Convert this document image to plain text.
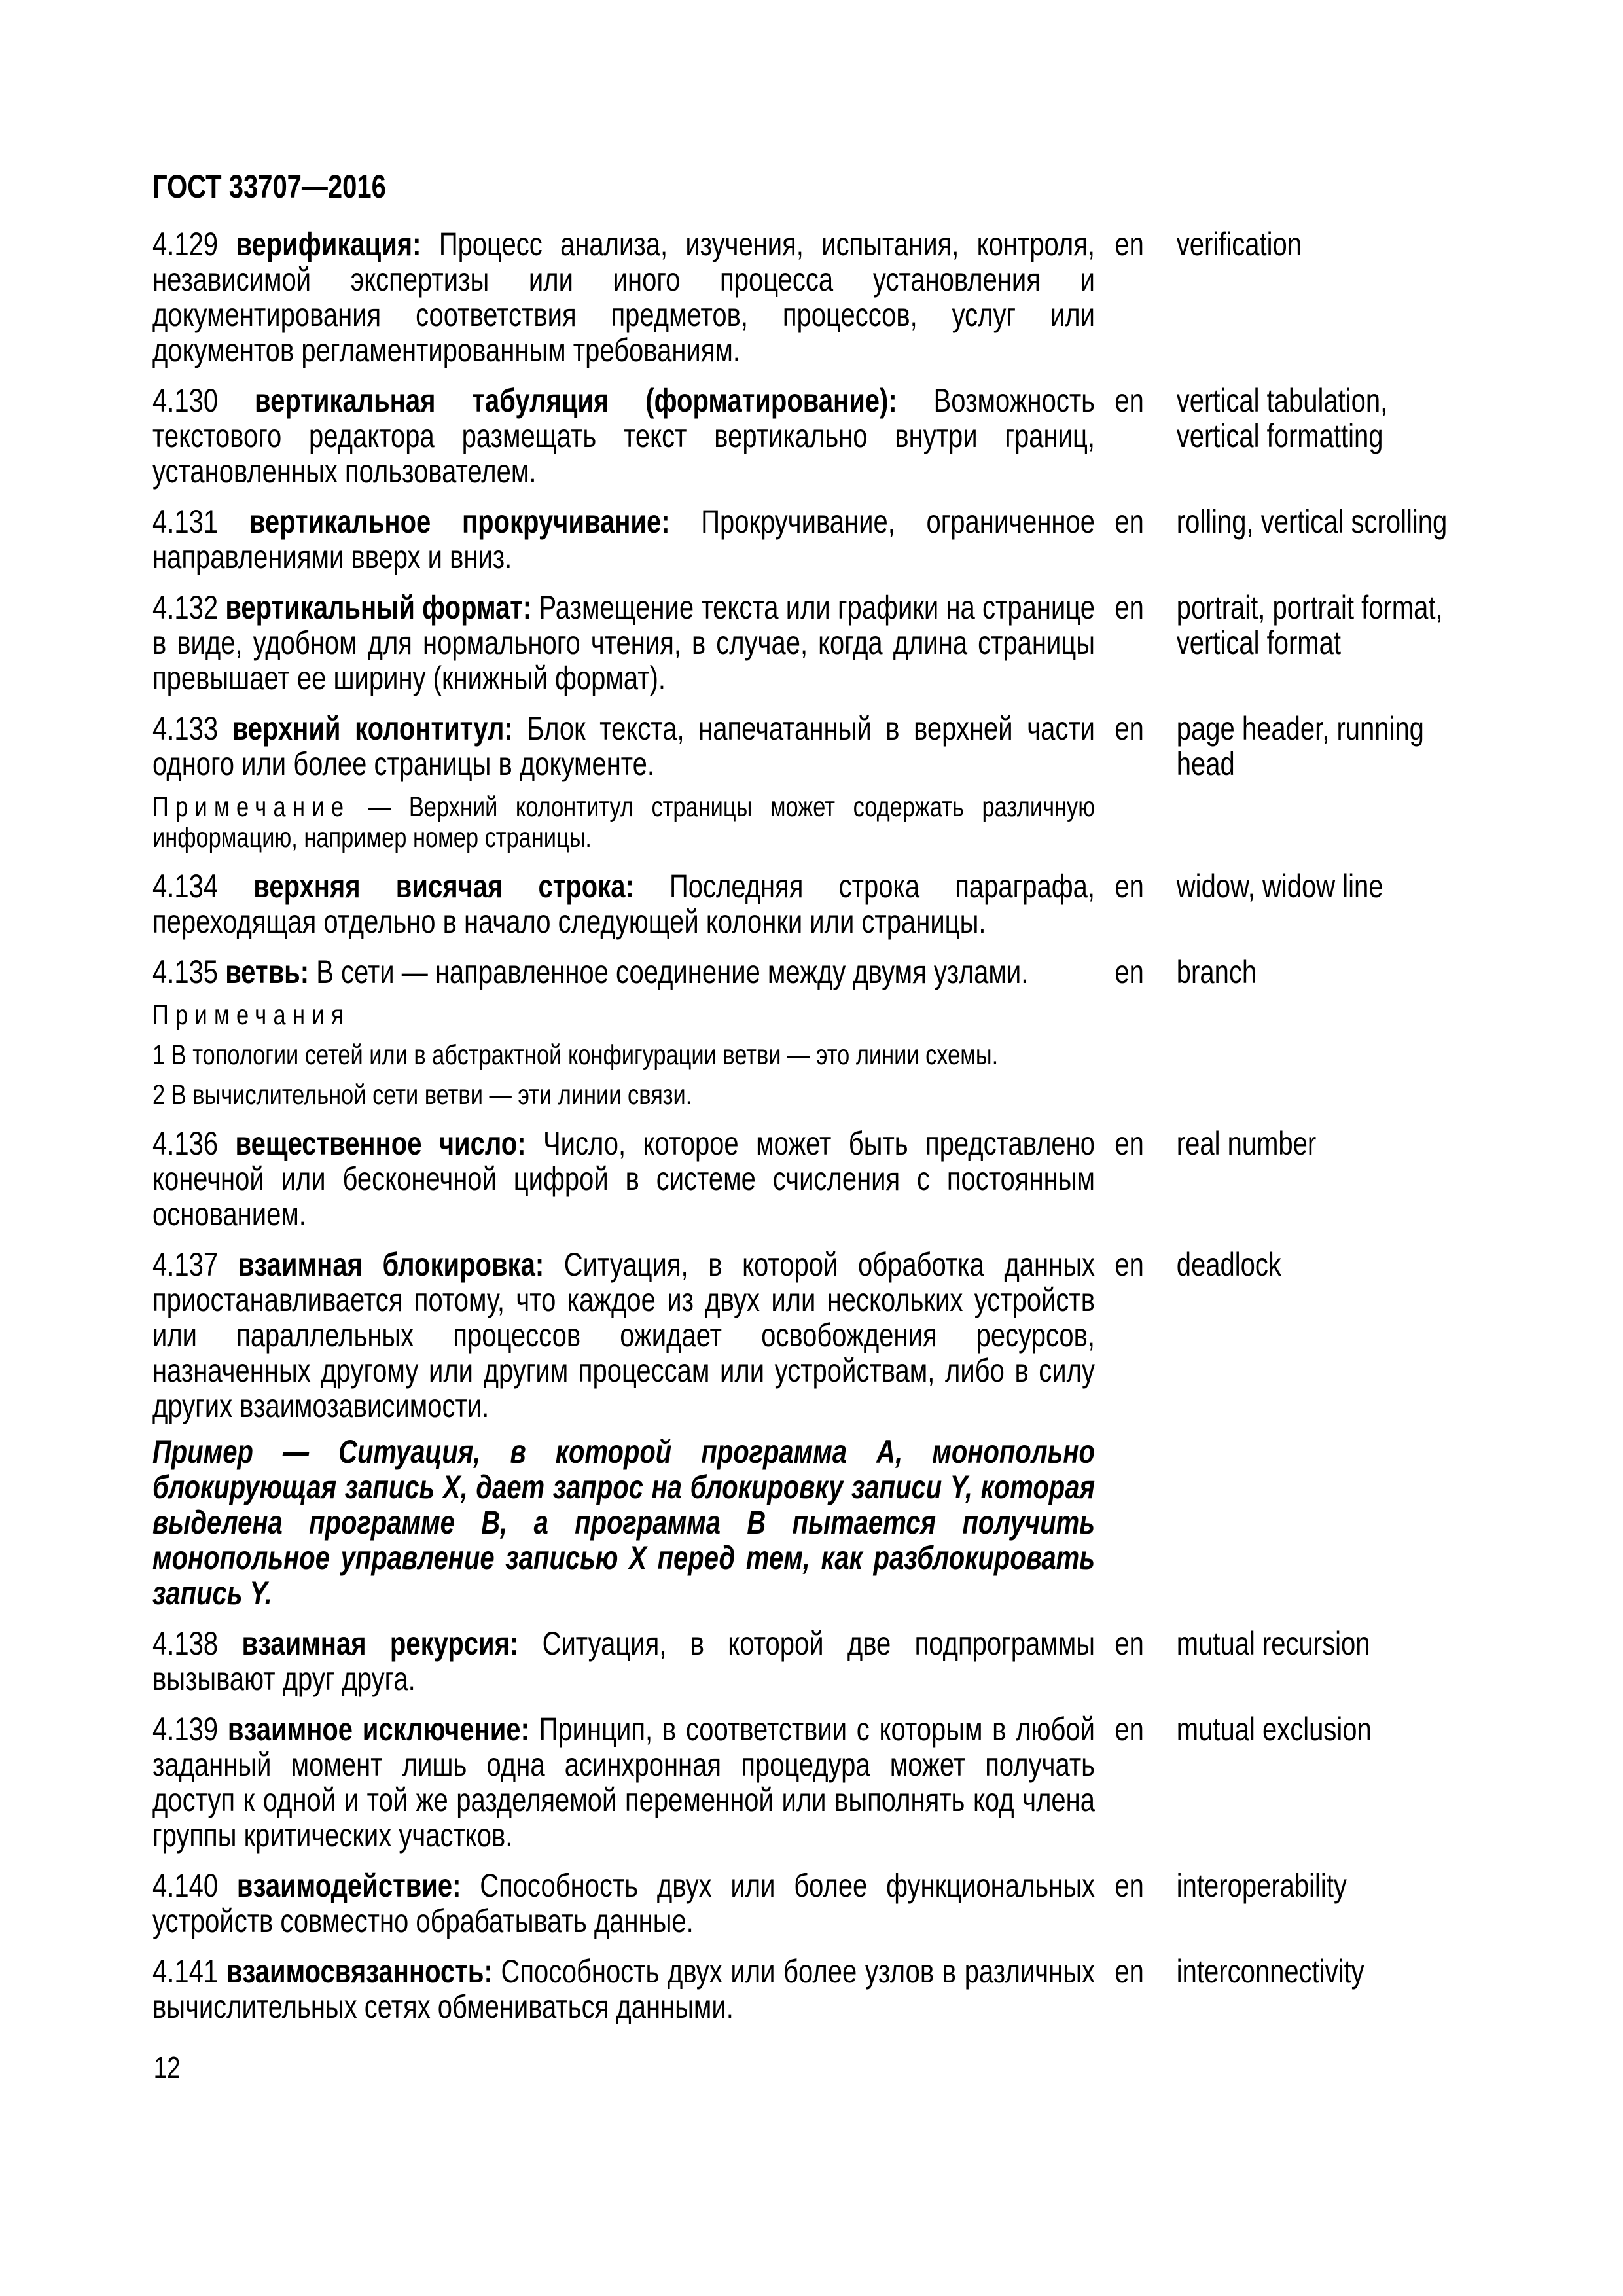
ГОСТ 33707—2016
4.129 верификация: Процесс анализа, изучения, испытания, контроля, независимой экспертизы или иного процесса установления и документирования соответствия предметов, процессов, услуг или документов регламентированным требованиям.
en verification
4.130 вертикальная табуляция (форматирование): Возможность текстового редактора размещать текст вертикально внутри границ, установленных пользователем.
en vertical tabulation, vertical formatting
4.131 вертикальное прокручивание: Прокручивание, ограниченное направлениями вверх и вниз.
en rolling, vertical scrolling
4.132 вертикальный формат: Размещение текста или графики на странице в виде, удобном для нормального чтения, в случае, когда длина страницы превышает ее ширину (книжный формат).
en portrait, portrait format, vertical format
4.133 верхний колонтитул: Блок текста, напечатанный в верхней части одного или более страницы в документе.
Примечание — Верхний колонтитул страницы может содержать различную информацию, например номер страницы.
en page header, running head
4.134 верхняя висячая строка: Последняя строка параграфа, переходящая отдельно в начало следующей колонки или страницы.
en widow, widow line
4.135 ветвь: В сети — направленное соединение между двумя узлами.
Примечания
1 В топологии сетей или в абстрактной конфигурации ветви — это линии схемы.
2 В вычислительной сети ветви — эти линии связи.
en branch
4.136 вещественное число: Число, которое может быть представлено конечной или бесконечной цифрой в системе счисления с постоянным основанием.
en real number
4.137 взаимная блокировка: Ситуация, в которой обработка данных приостанавливается потому, что каждое из двух или нескольких устройств или параллельных процессов ожидает освобождения ресурсов, назначенных другому или другим процессам или устройствам, либо в силу других взаимозависимости.
Пример — Ситуация, в которой программа А, монопольно блокирующая запись X, дает запрос на блокировку записи Y, которая выделена программе В, а программа В пытается получить монопольное управление записью X перед тем, как разблокировать запись Y.
en deadlock
4.138 взаимная рекурсия: Ситуация, в которой две подпрограммы вызывают друг друга.
en mutual recursion
4.139 взаимное исключение: Принцип, в соответствии с которым в любой заданный момент лишь одна асинхронная процедура может получать доступ к одной и той же разделяемой переменной или выполнять код члена группы критических участков.
en mutual exclusion
4.140 взаимодействие: Способность двух или более функциональных устройств совместно обрабатывать данные.
en interoperability
4.141 взаимосвязанность: Способность двух или более узлов в различных вычислительных сетях обмениваться данными.
en interconnectivity
12
